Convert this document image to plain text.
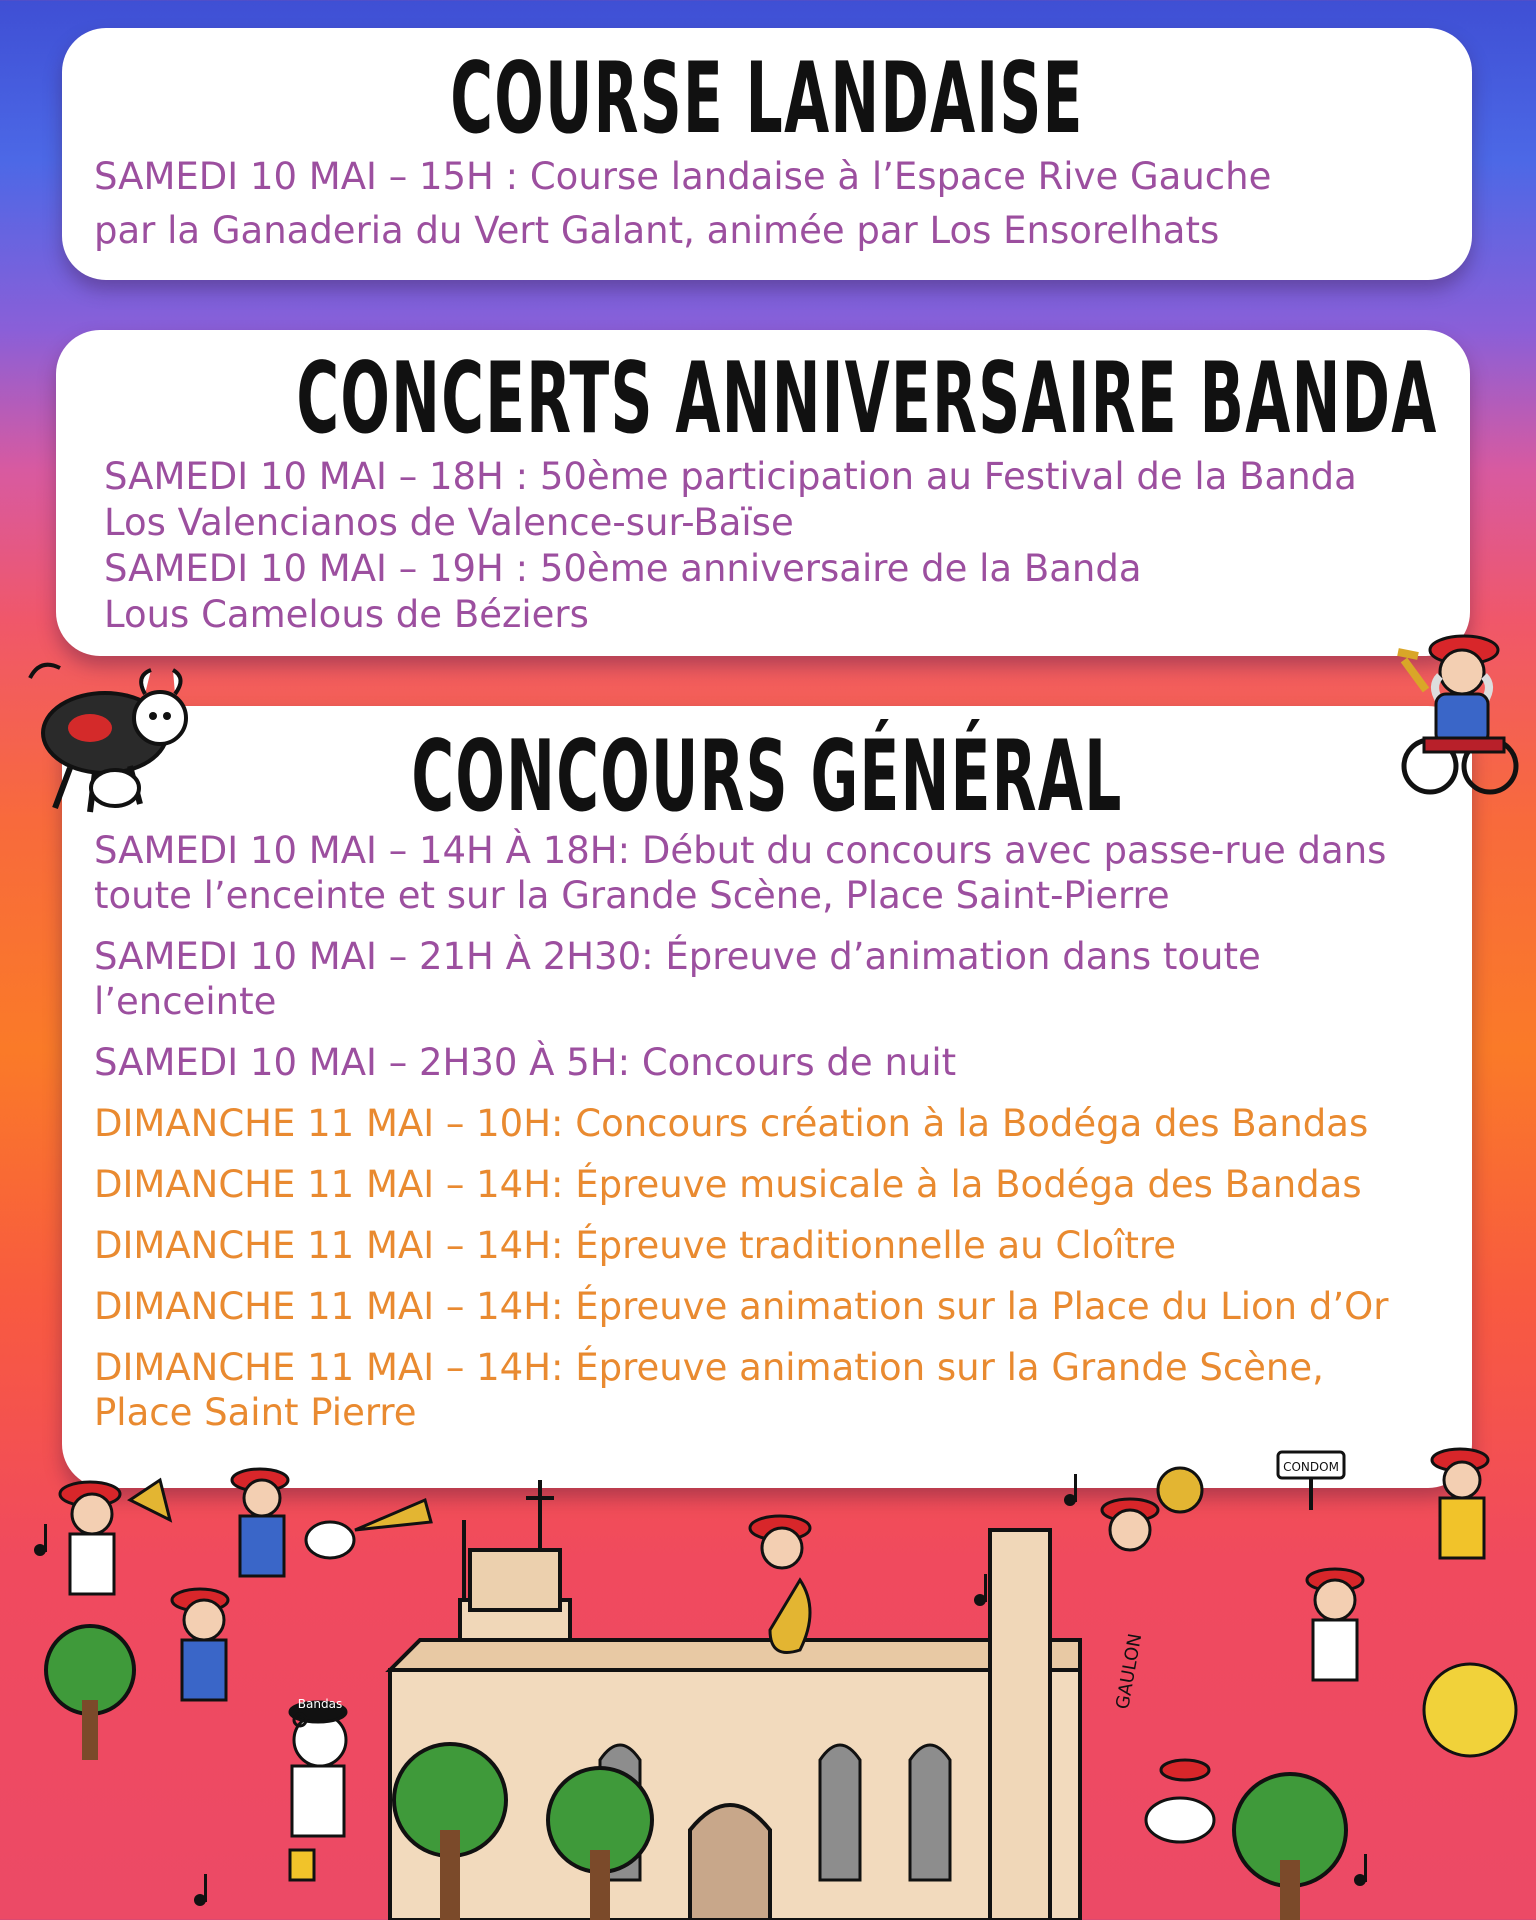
COURSE LANDAISE

SAMEDI 10 MAI – 15H : Course landaise à l’Espace Rive Gauche
par la Ganaderia du Vert Galant, animée par Los Ensorelhats

CONCERTS ANNIVERSAIRE BANDA

SAMEDI 10 MAI – 18H : 50ème participation au Festival de la Banda
Los Valencianos de Valence-sur-Baïse

SAMEDI 10 MAI – 19H : 50ème anniversaire de la Banda
Lous Camelous de Béziers

CONCOURS GÉNÉRAL

SAMEDI 10 MAI – 14H À 18H: Début du concours avec passe-rue dans
toute l’enceinte et sur la Grande Scène, Place Saint-Pierre

SAMEDI 10 MAI – 21H À 2H30: Épreuve d’animation dans toute
l’enceinte

SAMEDI 10 MAI – 2H30 À 5H: Concours de nuit

DIMANCHE 11 MAI – 10H: Concours création à la Bodéga des Bandas

DIMANCHE 11 MAI – 14H: Épreuve musicale à la Bodéga des Bandas

DIMANCHE 11 MAI – 14H: Épreuve traditionnelle au Cloître

DIMANCHE 11 MAI – 14H: Épreuve animation sur la Place du Lion d’Or

DIMANCHE 11 MAI – 14H: Épreuve animation sur la Grande Scène,
Place Saint Pierre

CONDOM
Bandas	GAULON
